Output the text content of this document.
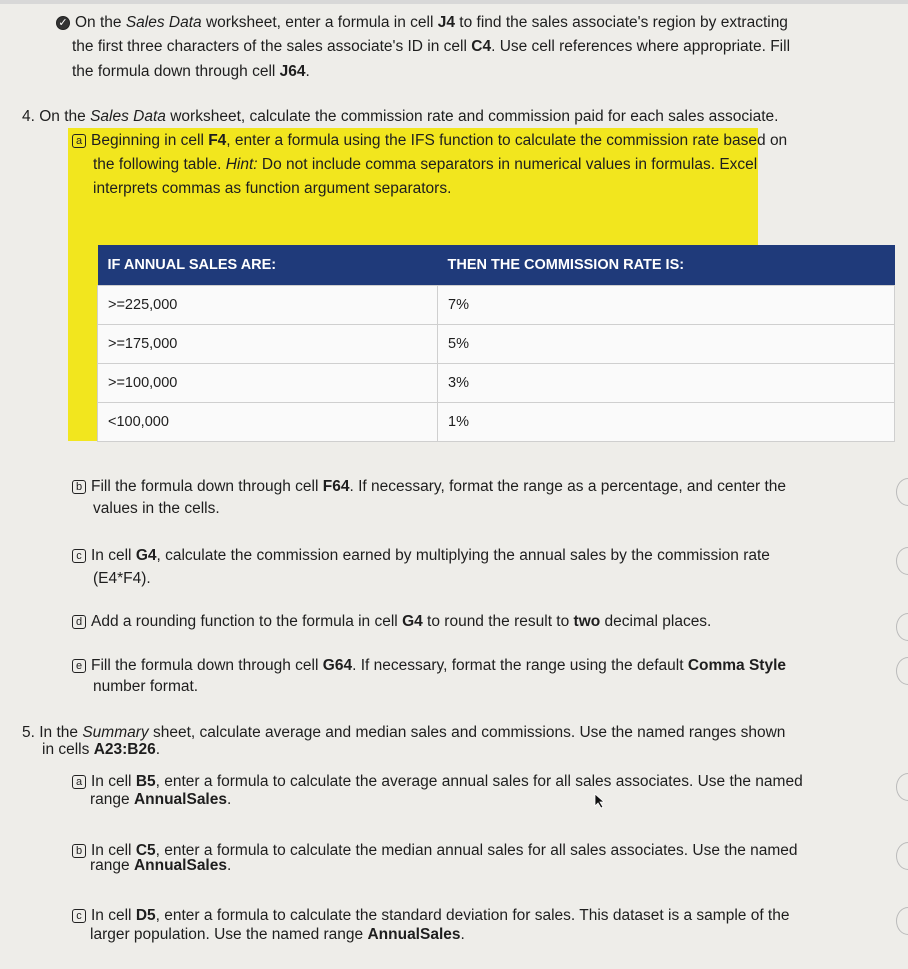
✓ On the Sales Data worksheet, enter a formula in cell J4 to find the sales associate's region by extracting
the first three characters of the sales associate's ID in cell C4. Use cell references where appropriate. Fill
the formula down through cell J64.
4. On the Sales Data worksheet, calculate the commission rate and commission paid for each sales associate.
a Beginning in cell F4, enter a formula using the IFS function to calculate the commission rate based on
the following table. Hint: Do not include comma separators in numerical values in formulas. Excel
interprets commas as function argument separators.
IF ANNUAL SALES ARE:	THEN THE COMMISSION RATE IS:
>=225,000	7%
>=175,000	5%
>=100,000	3%
<100,000	1%
b Fill the formula down through cell F64. If necessary, format the range as a percentage, and center the
values in the cells.
c In cell G4, calculate the commission earned by multiplying the annual sales by the commission rate
(E4*F4).
d Add a rounding function to the formula in cell G4 to round the result to two decimal places.
e Fill the formula down through cell G64. If necessary, format the range using the default Comma Style
number format.
5. In the Summary sheet, calculate average and median sales and commissions. Use the named ranges shown
in cells A23:B26.
a In cell B5, enter a formula to calculate the average annual sales for all sales associates. Use the named
range AnnualSales.
b In cell C5, enter a formula to calculate the median annual sales for all sales associates. Use the named
range AnnualSales.
c In cell D5, enter a formula to calculate the standard deviation for sales. This dataset is a sample of the
larger population. Use the named range AnnualSales.
